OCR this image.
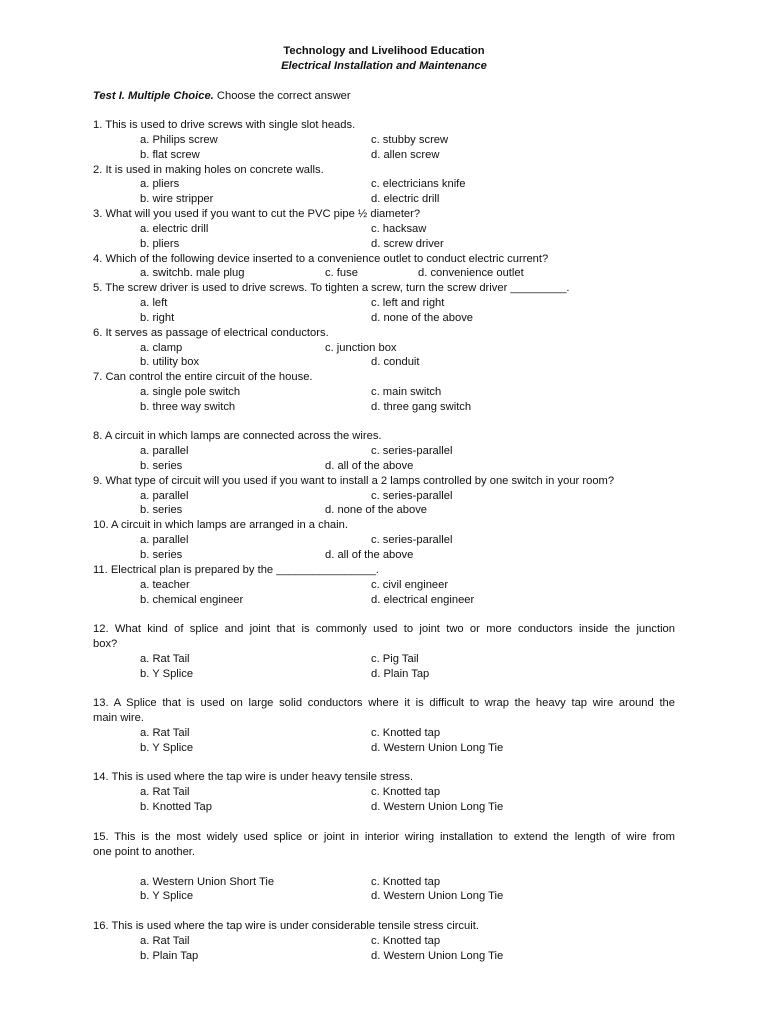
Technology and Livelihood Education
Electrical Installation and Maintenance
Test I. Multiple Choice. Choose the correct answer
1. This is used to drive screws with single slot heads.
a. Philips screw	c. stubby screw
b. flat screw	d. allen screw
2. It is used in making holes on concrete walls.
a. pliers	c. electricians knife
b. wire stripper	d. electric drill
3. What will you used if you want to cut the PVC pipe ½ diameter?
a. electric drill	c. hacksaw
b. pliers	d. screw driver
4. Which of the following device inserted to a convenience outlet to conduct electric current?
a. switchb. male plug	c. fuse	d. convenience outlet
5. The screw driver is used to drive screws. To tighten a screw, turn the screw driver _________.
a. left	c. left and right
b. right	d. none of the above
6. It serves as passage of electrical conductors.
a. clamp	c. junction box
b. utility box	d. conduit
7. Can control the entire circuit of the house.
a. single pole switch	c. main switch
b. three way switch	d. three gang switch
8. A circuit in which lamps are connected across the wires.
a. parallel	c. series-parallel
b. series	d. all of the above
9. What type of circuit will you used if you want to install a 2 lamps controlled by one switch in your room?
a. parallel	c. series-parallel
b. series	d. none of the above
10. A circuit in which lamps are arranged in a chain.
a. parallel	c. series-parallel
b. series	d. all of the above
11. Electrical plan is prepared by the ________________.
a. teacher	c. civil engineer
b. chemical engineer	d. electrical engineer
12. What kind of splice and joint that is commonly used to joint two or more conductors inside the junction
box?
a. Rat Tail	c. Pig Tail
b. Y Splice	d. Plain Tap
13. A Splice that is used on large solid conductors where it is difficult to wrap the heavy tap wire around the
main wire.
a. Rat Tail	c. Knotted tap
b. Y Splice	d. Western Union Long Tie
14. This is used where the tap wire is under heavy tensile stress.
a. Rat Tail	c. Knotted tap
b. Knotted Tap	d. Western Union Long Tie
15. This is the most widely used splice or joint in interior wiring installation to extend the length of wire from
one point to another.
a. Western Union Short Tie	c. Knotted tap
b. Y Splice	d. Western Union Long Tie
16. This is used where the tap wire is under considerable tensile stress circuit.
a. Rat Tail	c. Knotted tap
b. Plain Tap	d. Western Union Long Tie
